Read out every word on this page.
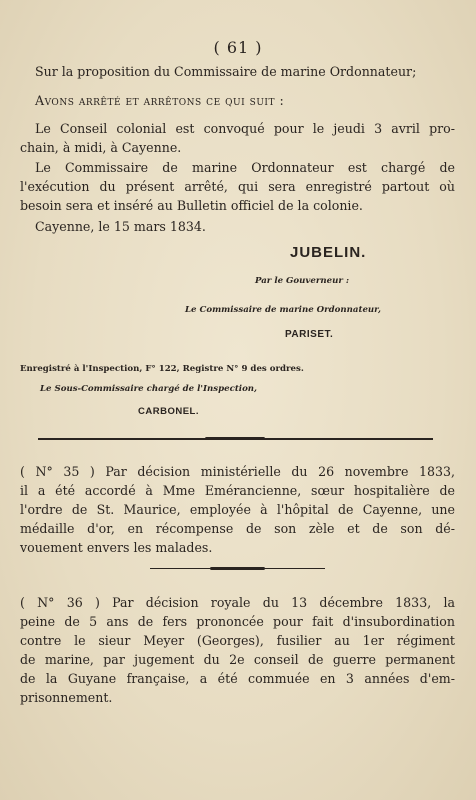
( 61 )
Sur la proposition du Commissaire de marine Ordonnateur;
Avons arrêté et arrêtons ce qui suit :
Le Conseil colonial est convoqué pour le jeudi 3 avril pro-
chain, à midi, à Cayenne.
Le Commissaire de marine Ordonnateur est chargé de
l'exécution du présent arrêté, qui sera enregistré partout où
besoin sera et inséré au Bulletin officiel de la colonie.
Cayenne, le 15 mars 1834.
JUBELIN.
Par le Gouverneur :
Le Commissaire de marine Ordonnateur,
PARISET.
Enregistré à l'Inspection, F° 122, Registre N° 9 des ordres.
Le Sous-Commissaire chargé de l'Inspection,
CARBONEL.
( N° 35 ) Par décision ministérielle du 26 novembre 1833,
il a été accordé à Mme Emérancienne, sœur hospitalière de
l'ordre de St. Maurice, employée à l'hôpital de Cayenne, une
médaille d'or, en récompense de son zèle et de son dé-
vouement envers les malades.
( N° 36 ) Par décision royale du 13 décembre 1833, la
peine de 5 ans de fers prononcée pour fait d'insubordination
contre le sieur Meyer (Georges), fusilier au 1er régiment
de marine, par jugement du 2e conseil de guerre permanent
de la Guyane française, a été commuée en 3 années d'em-
prisonnement.
